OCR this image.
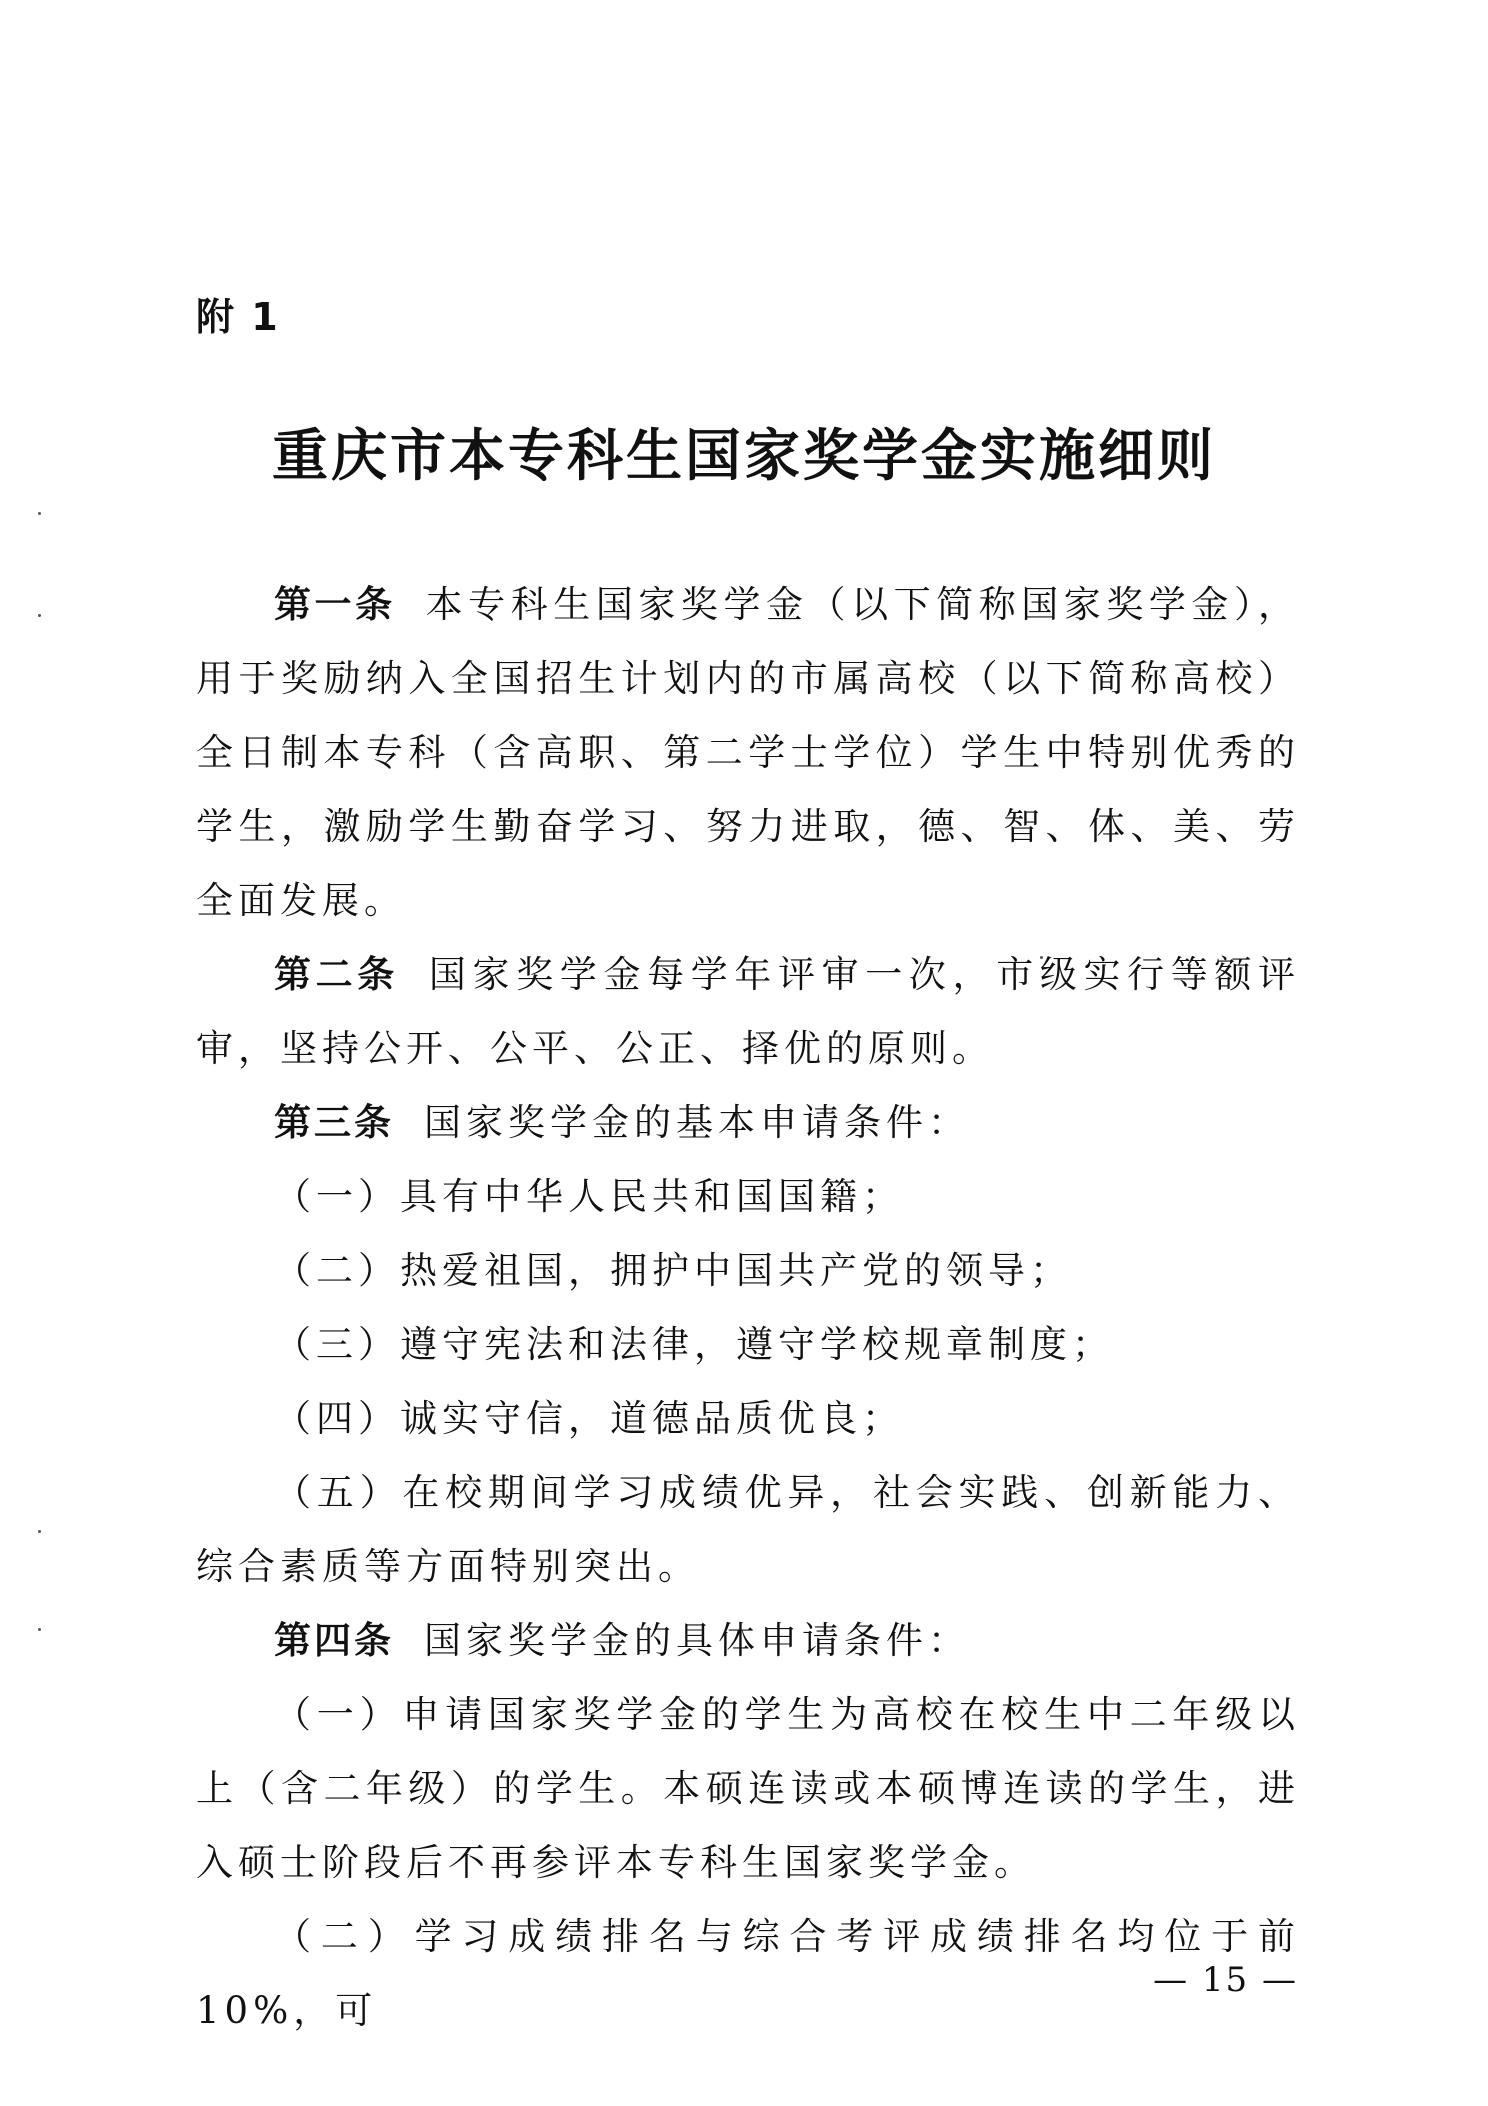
附 1
重庆市本专科生国家奖学金实施细则

第一条 本专科生国家奖学金（以下简称国家奖学金），用于奖励纳入全国招生计划内的市属高校（以下简称高校）全日制本专科（含高职、第二学士学位）学生中特别优秀的学生，激励学生勤奋学习、努力进取，德、智、体、美、劳全面发展。

第二条 国家奖学金每学年评审一次，市级实行等额评审，坚持公开、公平、公正、择优的原则。

第三条 国家奖学金的基本申请条件：

（一）具有中华人民共和国国籍；

（二）热爱祖国，拥护中国共产党的领导；

（三）遵守宪法和法律，遵守学校规章制度；

（四）诚实守信，道德品质优良；

（五）在校期间学习成绩优异，社会实践、创新能力、综合素质等方面特别突出。

第四条 国家奖学金的具体申请条件：

（一）申请国家奖学金的学生为高校在校生中二年级以上（含二年级）的学生。本硕连读或本硕博连读的学生，进入硕士阶段后不再参评本专科生国家奖学金。

（二）学习成绩排名与综合考评成绩排名均位于前 10%，可

— 15 —
